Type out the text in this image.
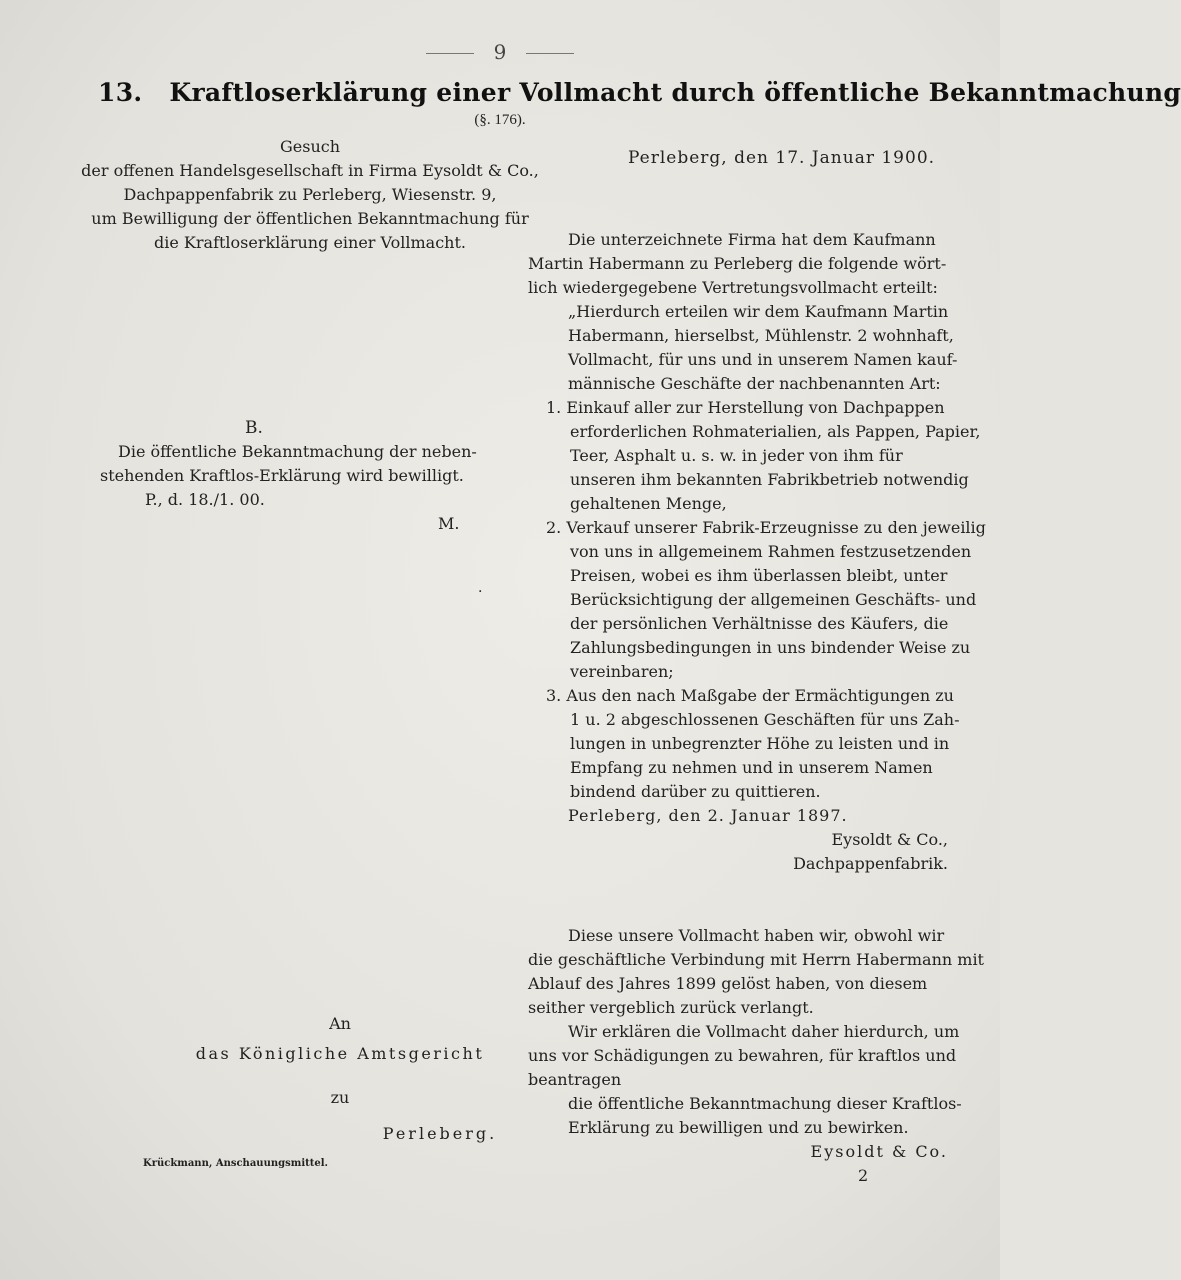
9
13. Kraftloserklärung einer Vollmacht durch öffentliche Bekanntmachung
(§. 176).
Gesuch
der offenen Handelsgesellschaft in Firma Eysoldt & Co.,
Dachpappenfabrik zu Perleberg, Wiesenstr. 9,
um Bewilligung der öffentlichen Bekanntmachung für
die Kraftloserklärung einer Vollmacht.
Perleberg, den 17. Januar 1900.
B.
Die öffentliche Bekanntmachung der neben-
stehenden Kraftlos-Erklärung wird bewilligt.
P., d. 18./1. 00.
M.
.
Die unterzeichnete Firma hat dem Kaufmann
Martin Habermann zu Perleberg die folgende wört-
lich wiedergegebene Vertretungsvollmacht erteilt:
„Hierdurch erteilen wir dem Kaufmann Martin
Habermann, hierselbst, Mühlenstr. 2 wohnhaft,
Vollmacht, für uns und in unserem Namen kauf-
männische Geschäfte der nachbenannten Art:
1. Einkauf aller zur Herstellung von Dachpappen
erforderlichen Rohmaterialien, als Pappen, Papier,
Teer, Asphalt u. s. w. in jeder von ihm für
unseren ihm bekannten Fabrikbetrieb notwendig
gehaltenen Menge,
2. Verkauf unserer Fabrik-Erzeugnisse zu den jeweilig
von uns in allgemeinem Rahmen festzusetzenden
Preisen, wobei es ihm überlassen bleibt, unter
Berücksichtigung der allgemeinen Geschäfts- und
der persönlichen Verhältnisse des Käufers, die
Zahlungsbedingungen in uns bindender Weise zu
vereinbaren;
3. Aus den nach Maßgabe der Ermächtigungen zu
1 u. 2 abgeschlossenen Geschäften für uns Zah-
lungen in unbegrenzter Höhe zu leisten und in
Empfang zu nehmen und in unserem Namen
bindend darüber zu quittieren.
Perleberg, den 2. Januar 1897.
Eysoldt & Co.,
Dachpappenfabrik.
Diese unsere Vollmacht haben wir, obwohl wir
die geschäftliche Verbindung mit Herrn Habermann mit
Ablauf des Jahres 1899 gelöst haben, von diesem
seither vergeblich zurück verlangt.
Wir erklären die Vollmacht daher hierdurch, um
uns vor Schädigungen zu bewahren, für kraftlos und
beantragen
die öffentliche Bekanntmachung dieser Kraftlos-
Erklärung zu bewilligen und zu bewirken.
Eysoldt & Co.
2
An
das Königliche Amtsgericht
zu
Perleberg.
Krückmann, Anschauungsmittel.
